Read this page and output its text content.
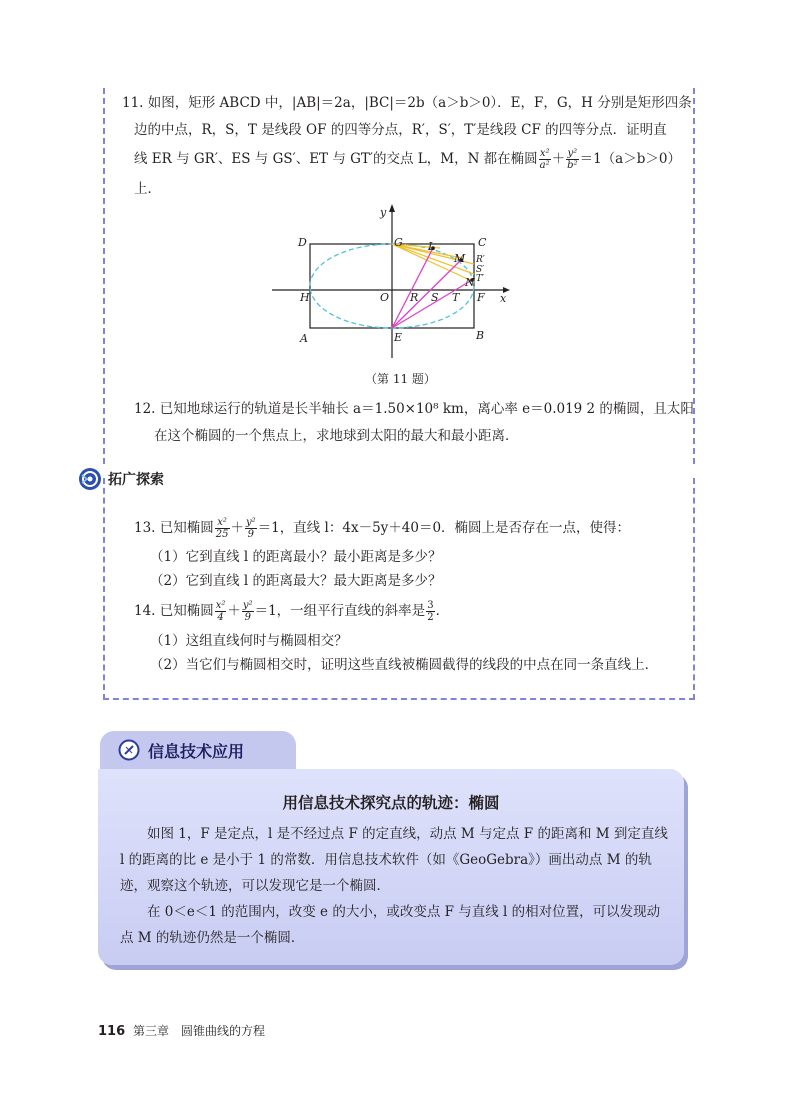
11. 如图，矩形 ABCD 中，|AB|＝2a，|BC|＝2b（a＞b＞0）．E，F，G，H 分别是矩形四条
边的中点，R，S，T 是线段 OF 的四等分点，R′，S′，T′是线段 CF 的四等分点．证明直
线 ER 与 GR′、ES 与 GS′、ET 与 GT′的交点 L，M，N 都在椭圆 $\frac{\text{x²}}{\text{a²}} + \frac{\text{y²}}{\text{b²}} =1(a>b>0)$
上．
y
x
O
D	C
A	B
G
E
H	F
L
M
N
R S T
R′
S′
T′
（第 11 题）
12. 已知地球运行的轨道是长半轴长 a＝1.50×10⁸ km，离心率 e＝0.019 2 的椭圆，且太阳
在这个椭圆的一个焦点上，求地球到太阳的最大和最小距离．
拓广探索
13. 已知椭圆 $\frac{\text{x²}}{25} + \frac{\text{y²}}{9} =1$，直线 l：4x－5y＋40＝0．椭圆上是否存在一点，使得：
（1）它到直线 l 的距离最小？最小距离是多少？
（2）它到直线 l 的距离最大？最大距离是多少？
14. 已知椭圆 $\frac{\text{x²}}{4} + \frac{\text{y²}}{9} =1$，一组平行直线的斜率是 $\frac{3}{2}$ ．
（1）这组直线何时与椭圆相交？
（2）当它们与椭圆相交时，证明这些直线被椭圆截得的线段的中点在同一条直线上．
信息技术应用
用信息技术探究点的轨迹：椭圆
如图 1，F 是定点，l 是不经过点 F 的定直线，动点 M 与定点 F 的距离和 M 到定直线 l 的距离的比 e 是小于 1 的常数．用信息技术软件（如《GeoGebra》）画出动点 M 的轨迹，观察这个轨迹，可以发现它是一个椭圆．
在 0＜e＜1 的范围内，改变 e 的大小，或改变点 F 与直线 l 的相对位置，可以发现动点 M 的轨迹仍然是一个椭圆．
116 第三章　圆锥曲线的方程
